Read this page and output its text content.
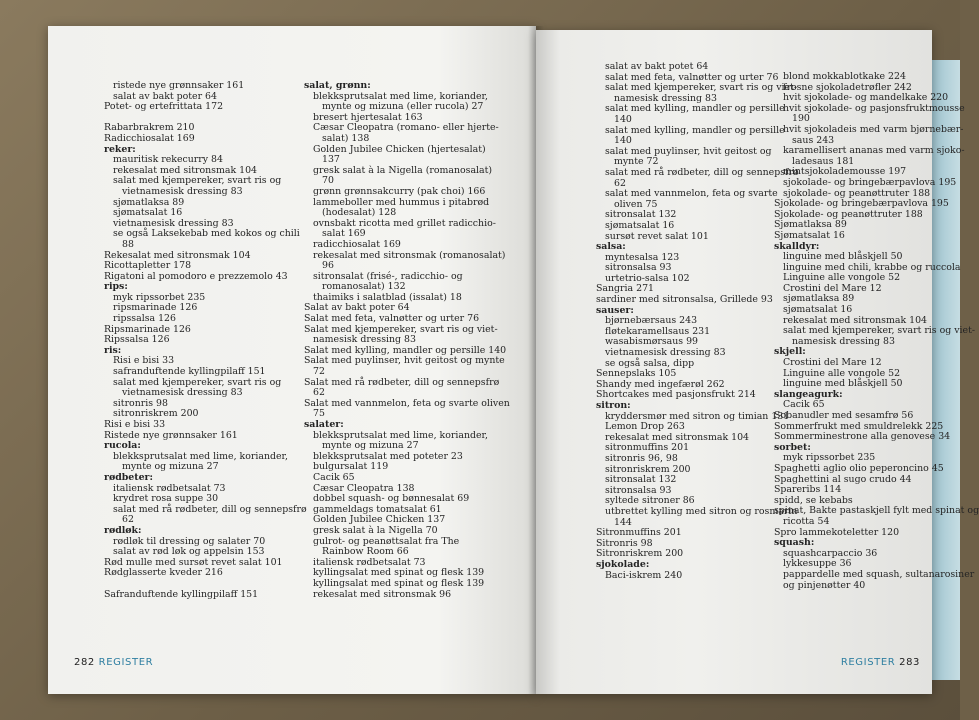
ristede nye grønnsaker 161
salat av bakt poter 64
Potet- og ertefrittata 172
Rabarbrakrem 210
Radicchiosalat 169
reker:
mauritisk rekecurry 84
rekesalat med sitronsmak 104
salat med kjempereker, svart ris og
vietnamesisk dressing 83
sjømatlaksa 89
sjømatsalat 16
vietnamesisk dressing 83
se også Laksekebab med kokos og chili
88
Rekesalat med sitronsmak 104
Ricottapletter 178
Rigatoni al pomodoro e prezzemolo 43
rips:
myk ripssorbet 235
ripsmarinade 126
ripssalsa 126
Ripsmarinade 126
Ripssalsa 126
ris:
Risi e bisi 33
safranduftende kyllingpilaff 151
salat med kjempereker, svart ris og
vietnamesisk dressing 83
sitronris 98
sitronriskrem 200
Risi e bisi 33
Ristede nye grønnsaker 161
rucola:
blekksprutsalat med lime, koriander,
mynte og mizuna 27
rødbeter:
italiensk rødbetsalat 73
krydret rosa suppe 30
salat med rå rødbeter, dill og sennepsfrø
62
rødløk:
rødløk til dressing og salater 70
salat av rød løk og appelsin 153
Rød mulle med sursøt revet salat 101
Rødglasserte kveder 216
Safranduftende kyllingpilaff 151
salat, grønn:
blekksprutsalat med lime, koriander,
mynte og mizuna (eller rucola) 27
bresert hjertesalat 163
Cæsar Cleopatra (romano- eller hjerte-
salat) 138
Golden Jubilee Chicken (hjertesalat)
137
gresk salat à la Nigella (romanosalat)
70
grønn grønnsakcurry (pak choi) 166
lammeboller med hummus i pitabrød
(hodesalat) 128
ovnsbakt ricotta med grillet radicchio-
salat 169
radicchiosalat 169
rekesalat med sitronsmak (romanosalat)
96
sitronsalat (frisé-, radicchio- og
romanosalat) 132
thaimiks i salatblad (issalat) 18
Salat av bakt poter 64
Salat med feta, valnøtter og urter 76
Salat med kjempereker, svart ris og viet-
namesisk dressing 83
Salat med kylling, mandler og persille 140
Salat med puylinser, hvit geitost og mynte
72
Salat med rå rødbeter, dill og sennepsfrø
62
Salat med vannmelon, feta og svarte oliven
75
salater:
blekksprutsalat med lime, koriander,
mynte og mizuna 27
blekksprutsalat med poteter 23
bulgursalat 119
Cacik 65
Cæsar Cleopatra 138
dobbel squash- og bønnesalat 69
gammeldags tomatsalat 61
Golden Jubilee Chicken 137
gresk salat à la Nigella 70
gulrot- og peanøttsalat fra The
Rainbow Room 66
italiensk rødbetsalat 73
kyllingsalat med spinat og flesk 139
kyllingsalat med spinat og flesk 139
rekesalat med sitronsmak 96
282 REGISTER
salat av bakt potet 64
salat med feta, valnøtter og urter 76
salat med kjempereker, svart ris og viet-
namesisk dressing 83
salat med kylling, mandler og persille
140
salat med kylling, mandler og persille
140
salat med puylinser, hvit geitost og
mynte 72
salat med rå rødbeter, dill og sennepsfrø
62
salat med vannmelon, feta og svarte
oliven 75
sitronsalat 132
sjømatsalat 16
sursøt revet salat 101
salsa:
myntesalsa 123
sitronsalsa 93
urtetrio-salsa 102
Sangria 271
sardiner med sitronsalsa, Grillede 93
sauser:
bjørnebærsaus 243
fløtekaramellsaus 231
wasabismørsaus 99
vietnamesisk dressing 83
se også salsa, dipp
Sennepslaks 105
Shandy med ingefærøl 262
Shortcakes med pasjonsfrukt 214
sitron:
kryddersmør med sitron og timian 131
Lemon Drop 263
rekesalat med sitronsmak 104
sitronmuffins 201
sitronris 96, 98
sitronriskrem 200
sitronsalat 132
sitronsalsa 93
syltede sitroner 86
utbrettet kylling med sitron og rosmarin
144
Sitronmuffins 201
Sitronris 98
Sitronriskrem 200
sjokolade:
Baci-iskrem 240
blond mokkablotkake 224
frosne sjokoladetrøfler 242
hvit sjokolade- og mandelkake 220
hvit sjokolade- og pasjonsfruktmousse
190
hvit sjokoladeis med varm bjørnebær-
saus 243
karamellisert ananas med varm sjoko-
ladesaus 181
mintsjokolademousse 197
sjokolade- og bringebærpavlova 195
sjokolade- og peanøttruter 188
Sjokolade- og bringebærpavlova 195
Sjokolade- og peanøttruter 188
Sjømatlaksa 89
Sjømatsalat 16
skalldyr:
linguine med blåskjell 50
linguine med chili, krabbe og ruccola
Linguine alle vongole 52
Crostini del Mare 12
sjømatlaksa 89
sjømatsalat 16
rekesalat med sitronsmak 104
salat med kjempereker, svart ris og viet-
namesisk dressing 83
skjell:
Crostini del Mare 12
Linguine alle vongole 52
linguine med blåskjell 50
slangeagurk:
Cacik 65
Sobanudler med sesamfrø 56
Sommerfrukt med smuldrelekk 225
Sommerminestrone alla genovese 34
sorbet:
myk ripssorbet 235
Spaghetti aglio olio peperoncino 45
Spaghettini al sugo crudo 44
Spareribs 114
spidd, se kebabs
spinat, Bakte pastaskjell fylt med spinat og
ricotta 54
Spro lammekoteletter 120
squash:
squashcarpaccio 36
lykkesuppe 36
pappardelle med squash, sultanarosiner
og pinjenøtter 40
REGISTER 283
